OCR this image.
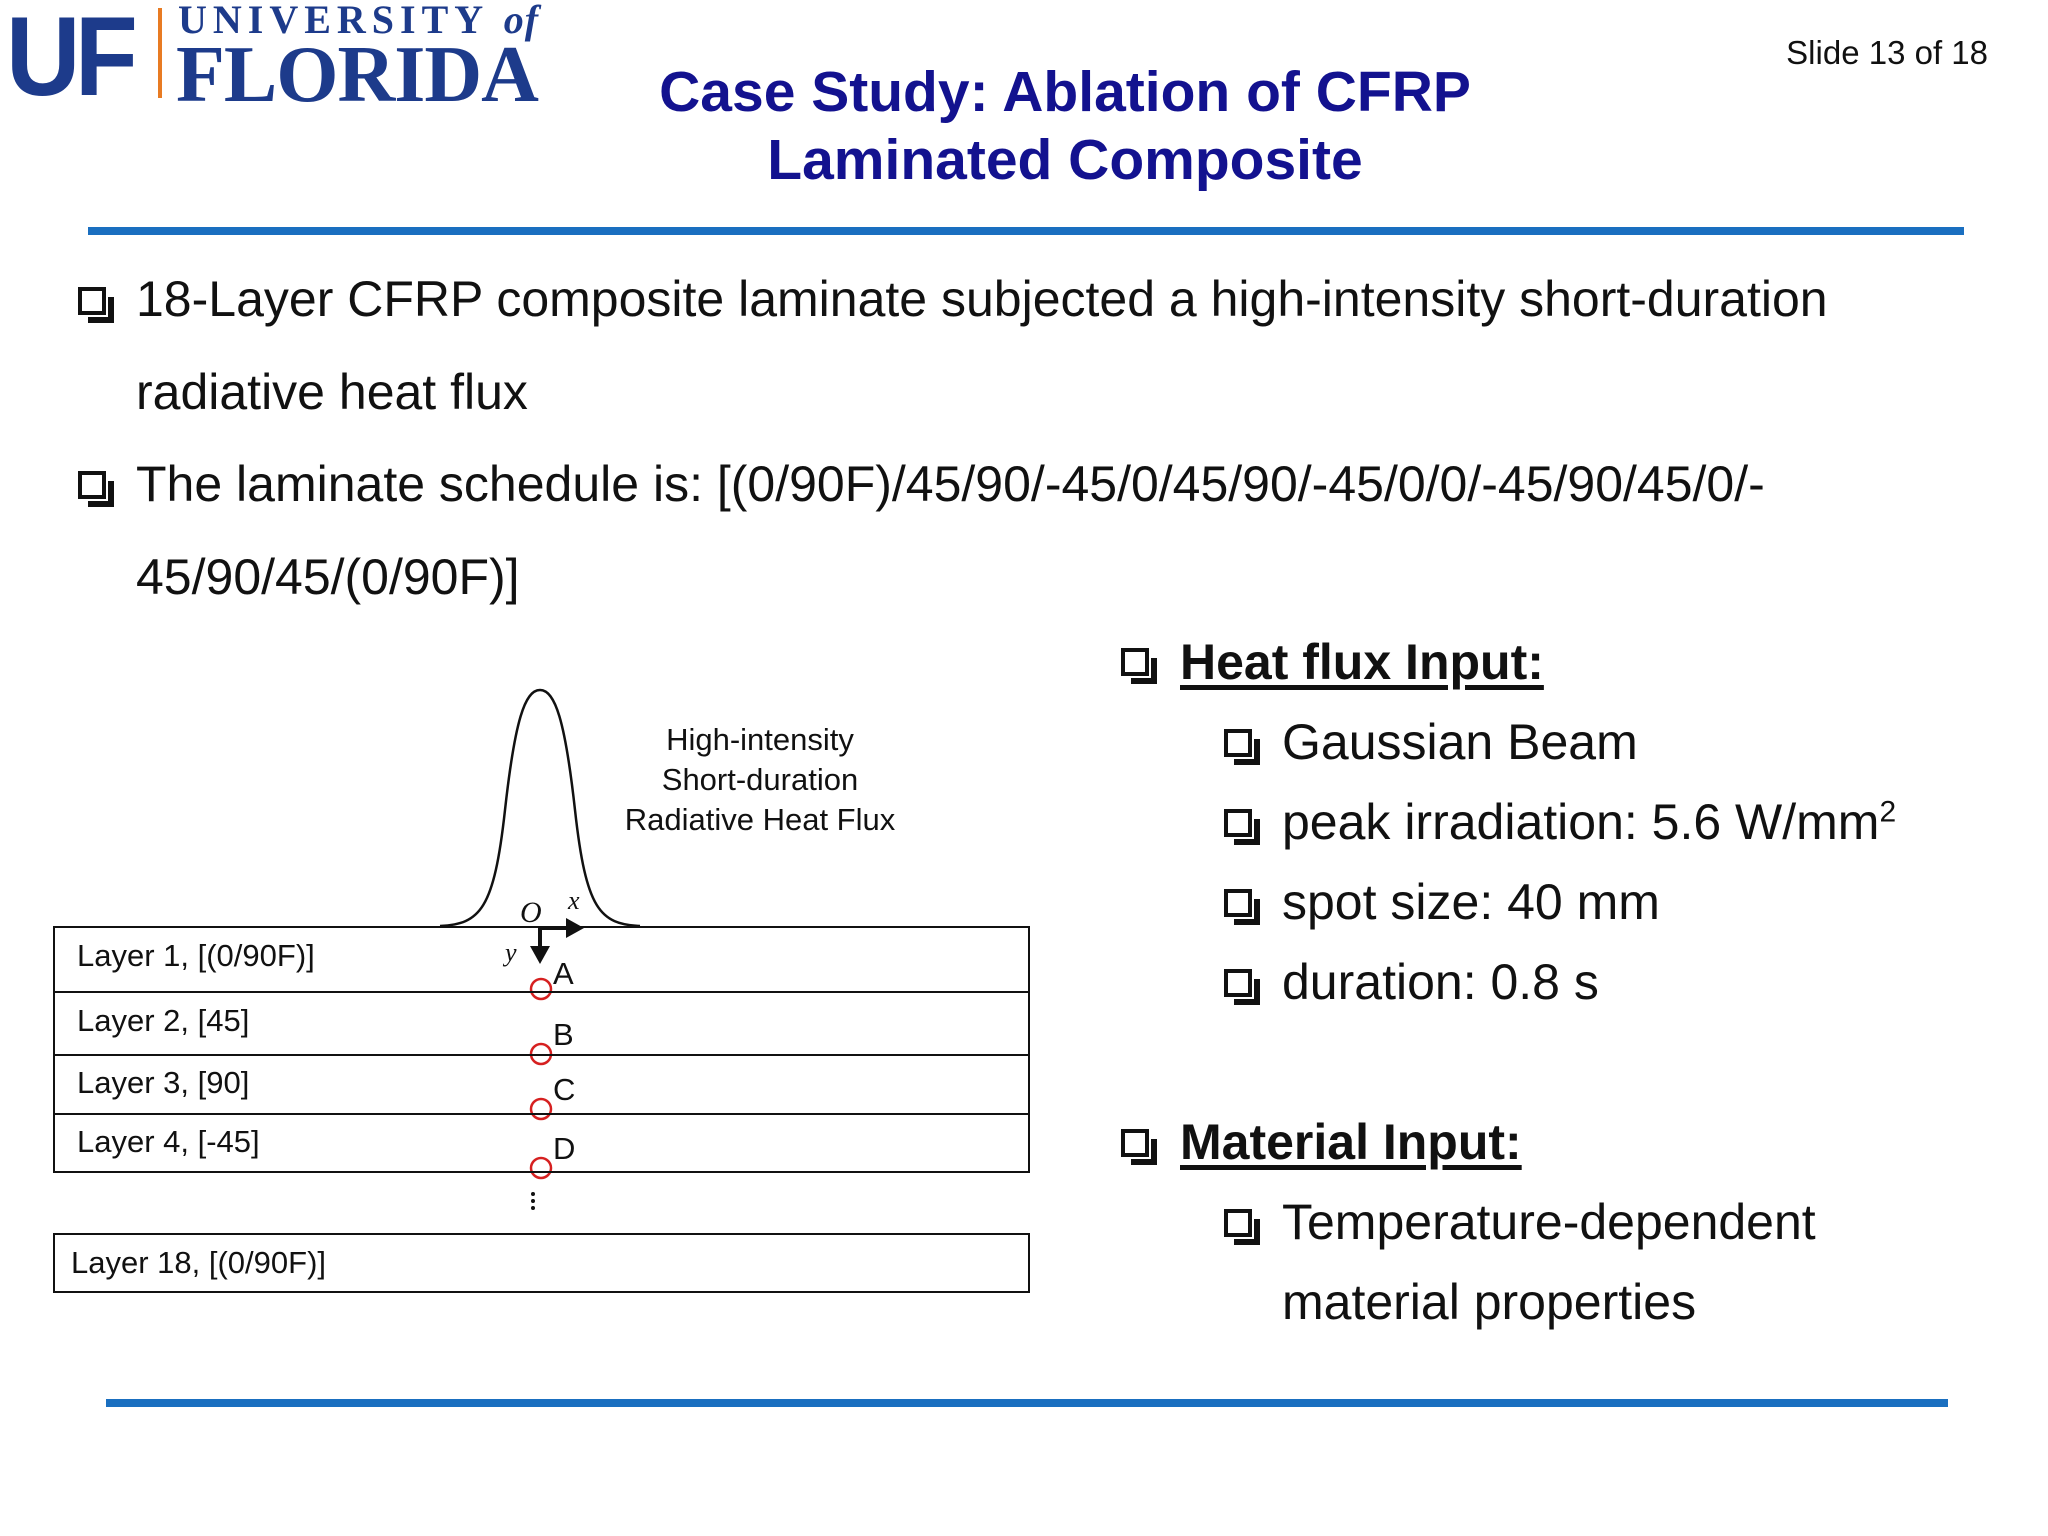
UF UNIVERSITY of
FLORIDA	Slide 13 of 18
Case Study: Ablation of CFRP
Laminated Composite
18-Layer CFRP composite laminate subjected a high-intensity short-duration
radiative heat flux
The laminate schedule is: [(0/90F)/45/90/-45/0/45/90/-45/0/0/-45/90/45/0/-
45/90/45/(0/90F)]
High-intensity
Short-duration
Radiative Heat Flux
O x
y
Layer 1, [(0/90F)]
Layer 2, [45]
Layer 3, [90]
Layer 4, [-45]
Layer 18, [(0/90F)]
A
B
C
D
Heat flux Input:
Gaussian Beam
peak irradiation: 5.6 $W/mm^2$
spot size: 40 mm
duration: 0.8 s
Material Input:
Temperature-dependent
material properties
